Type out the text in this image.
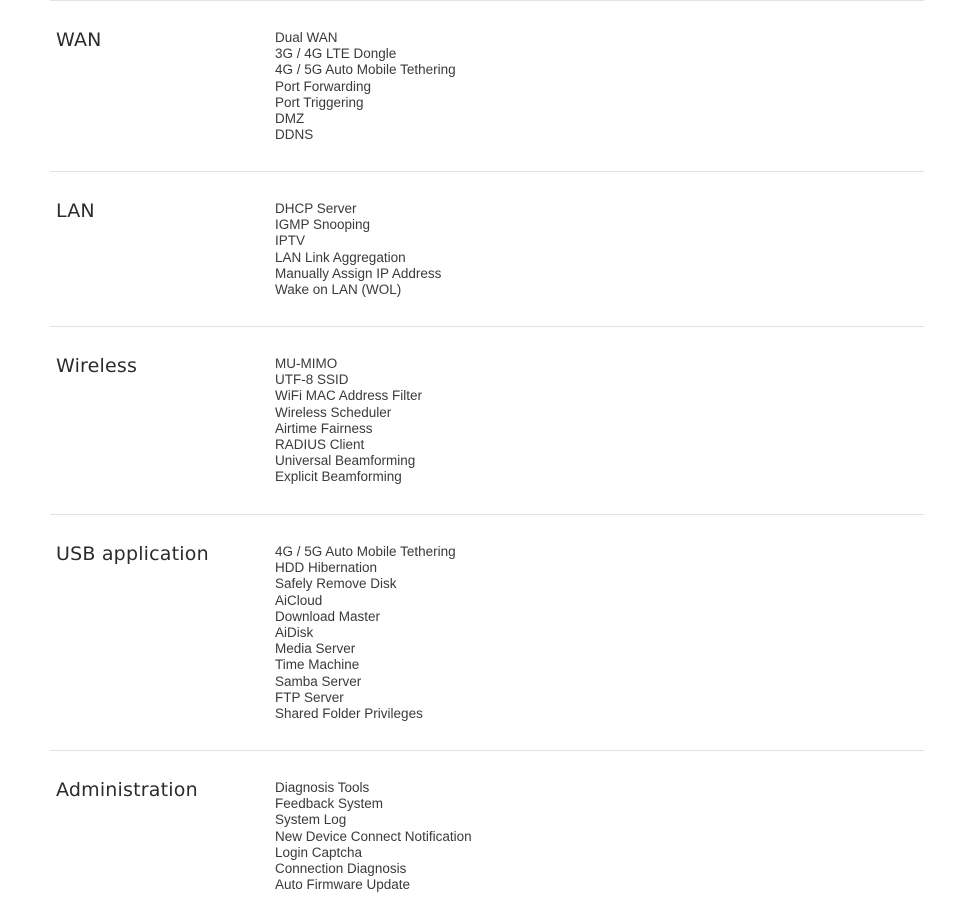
WAN	Dual WAN
3G / 4G LTE Dongle
4G / 5G Auto Mobile Tethering
Port Forwarding
Port Triggering
DMZ
DDNS
LAN	DHCP Server
IGMP Snooping
IPTV
LAN Link Aggregation
Manually Assign IP Address
Wake on LAN (WOL)
Wireless	MU-MIMO
UTF-8 SSID
WiFi MAC Address Filter
Wireless Scheduler
Airtime Fairness
RADIUS Client
Universal Beamforming
Explicit Beamforming
USB application	4G / 5G Auto Mobile Tethering
HDD Hibernation
Safely Remove Disk
AiCloud
Download Master
AiDisk
Media Server
Time Machine
Samba Server
FTP Server
Shared Folder Privileges
Administration	Diagnosis Tools
Feedback System
System Log
New Device Connect Notification
Login Captcha
Connection Diagnosis
Auto Firmware Update
